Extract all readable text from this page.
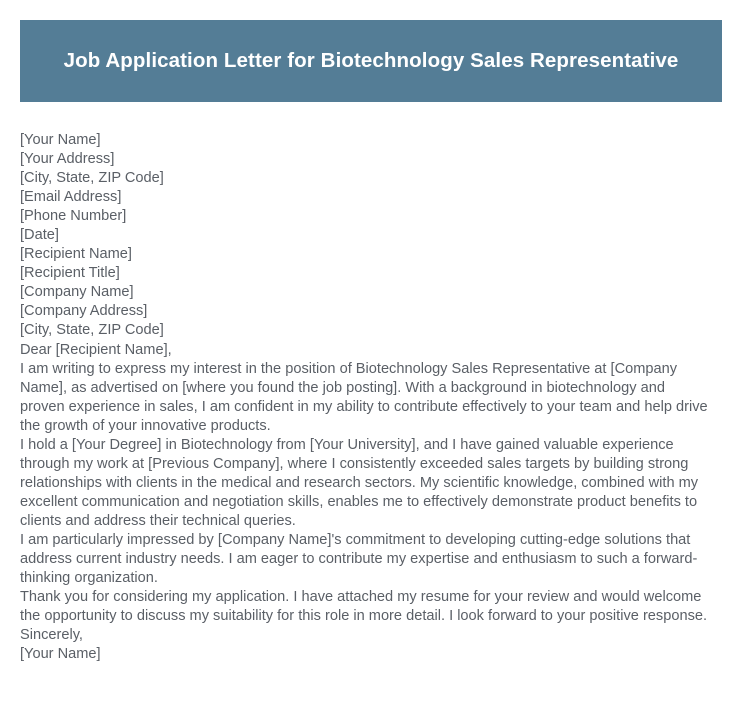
Job Application Letter for Biotechnology Sales Representative
[Your Name]
[Your Address]
[City, State, ZIP Code]
[Email Address]
[Phone Number]
[Date]
[Recipient Name]
[Recipient Title]
[Company Name]
[Company Address]
[City, State, ZIP Code]
Dear [Recipient Name],

I am writing to express my interest in the position of Biotechnology Sales Representative at [Company Name], as advertised on [where you found the job posting]. With a background in biotechnology and proven experience in sales, I am confident in my ability to contribute effectively to your team and help drive the growth of your innovative products.

I hold a [Your Degree] in Biotechnology from [Your University], and I have gained valuable experience through my work at [Previous Company], where I consistently exceeded sales targets by building strong relationships with clients in the medical and research sectors. My scientific knowledge, combined with my excellent communication and negotiation skills, enables me to effectively demonstrate product benefits to clients and address their technical queries.

I am particularly impressed by [Company Name]'s commitment to developing cutting-edge solutions that address current industry needs. I am eager to contribute my expertise and enthusiasm to such a forward-thinking organization.

Thank you for considering my application. I have attached my resume for your review and would welcome the opportunity to discuss my suitability for this role in more detail. I look forward to your positive response.

Sincerely,
[Your Name]
